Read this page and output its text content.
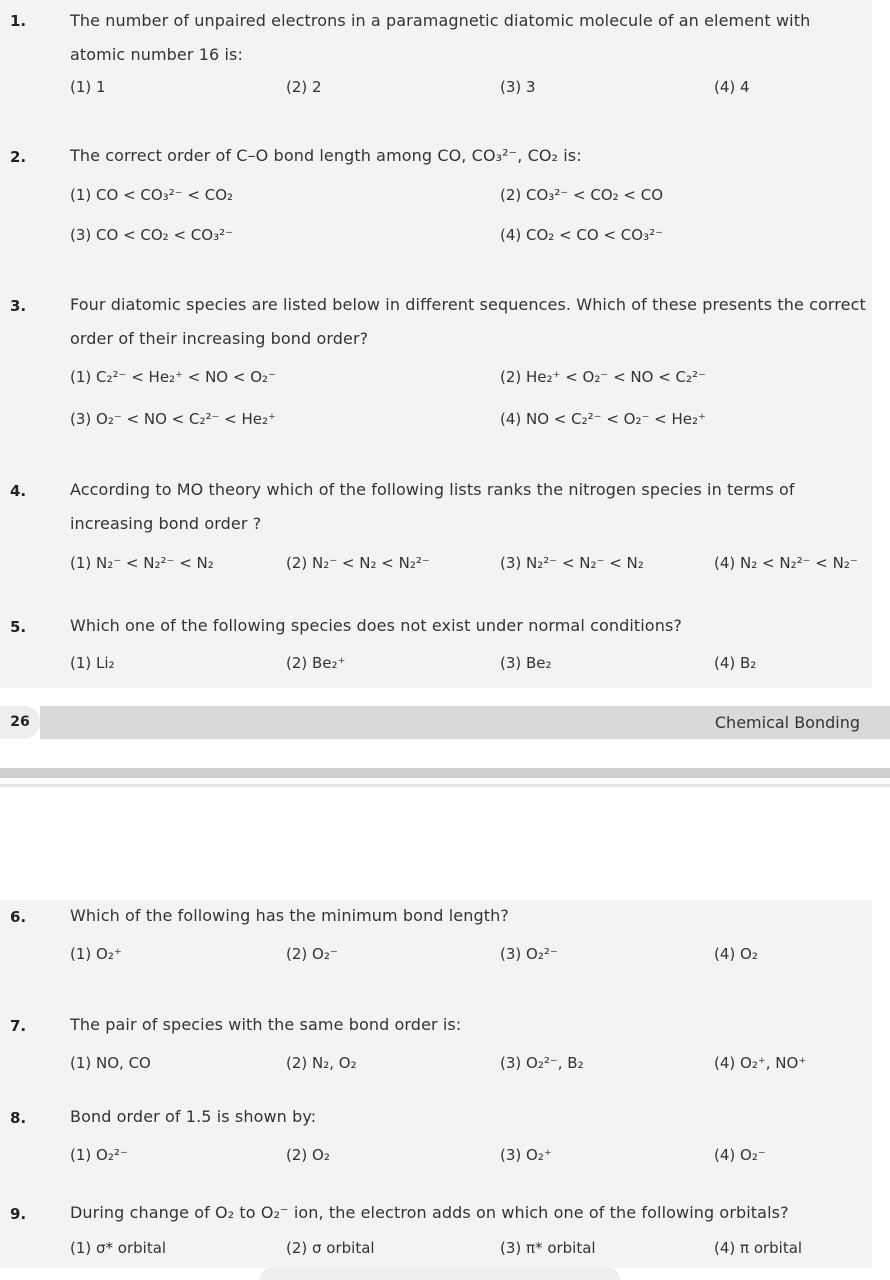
1.	The number of unpaired electrons in a paramagnetic diatomic molecule of an element with atomic number 16 is:
(1) 1	(2) 2	(3) 3	(4) 4
2.	The correct order of C–O bond length among CO, CO₃²⁻, CO₂ is:
(1) CO < CO₃²⁻ < CO₂	(2) CO₃²⁻ < CO₂ < CO
(3) CO < CO₂ < CO₃²⁻	(4) CO₂ < CO < CO₃²⁻
3.	Four diatomic species are listed below in different sequences. Which of these presents the correct order of their increasing bond order?
(1) C₂²⁻ < He₂⁺ < NO < O₂⁻	(2) He₂⁺ < O₂⁻ < NO < C₂²⁻
(3) O₂⁻ < NO < C₂²⁻ < He₂⁺	(4) NO < C₂²⁻ < O₂⁻ < He₂⁺
4.	According to MO theory which of the following lists ranks the nitrogen species in terms of increasing bond order ?
(1) N₂⁻ < N₂²⁻ < N₂	(2) N₂⁻ < N₂ < N₂²⁻	(3) N₂²⁻ < N₂⁻ < N₂	(4) N₂ < N₂²⁻ < N₂⁻
5.	Which one of the following species does not exist under normal conditions?
(1) Li₂	(2) Be₂⁺	(3) Be₂	(4) B₂
26	Chemical Bonding
6.	Which of the following has the minimum bond length?
(1) O₂⁺	(2) O₂⁻	(3) O₂²⁻	(4) O₂
7.	The pair of species with the same bond order is:
(1) NO, CO	(2) N₂, O₂	(3) O₂²⁻, B₂	(4) O₂⁺, NO⁺
8.	Bond order of 1.5 is shown by:
(1) O₂²⁻	(2) O₂	(3) O₂⁺	(4) O₂⁻
9.	During change of O₂ to O₂⁻ ion, the electron adds on which one of the following orbitals?
(1) σ* orbital	(2) σ orbital	(3) π* orbital	(4) π orbital
